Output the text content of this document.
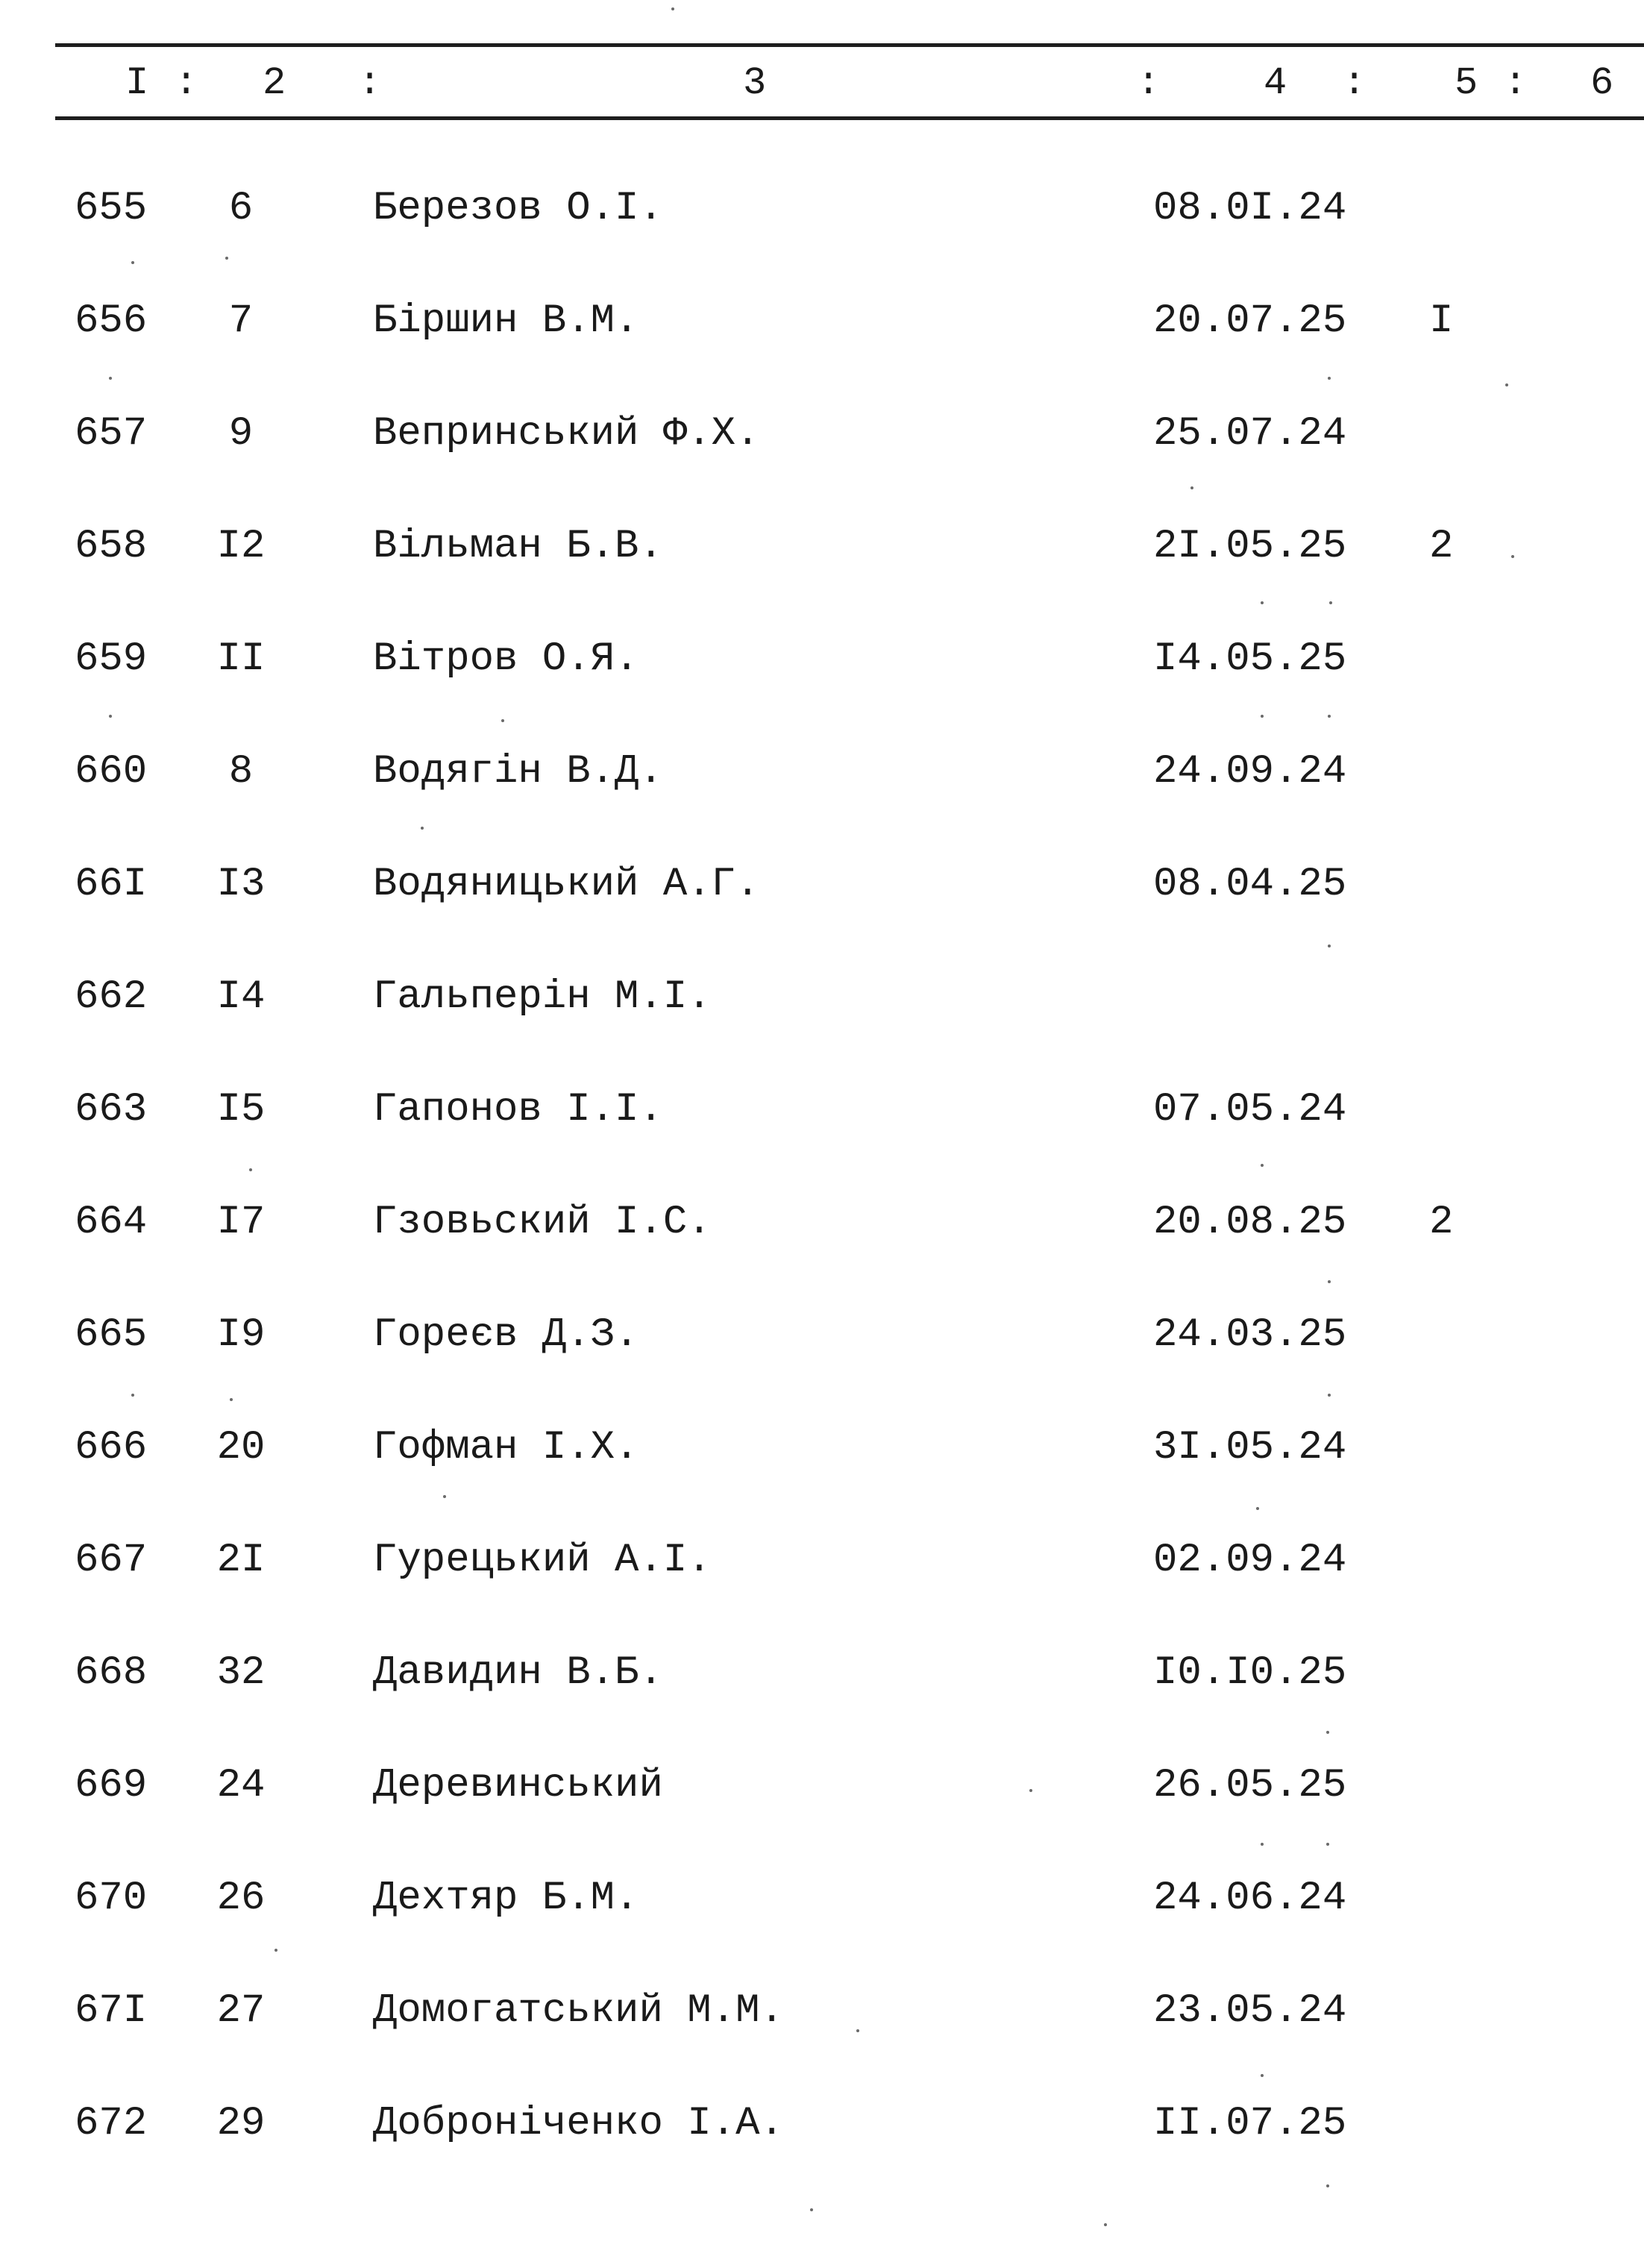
I : 2 :	3	:	4 : 5 : 6
655	6	Березов О.І.	08.0І.24
656	7	Біршин В.М.	20.07.25 І
657	9	Вепринський Ф.Х.	25.07.24
658 І2	Вільман Б.В.	2І.05.25 2
659 ІІ	Вітров О.Я.	І4.05.25
660	8	Водягін В.Д.	24.09.24
66І І3	Водяницький А.Г.	08.04.25
662 І4	Гальперін М.І.
663 І5	Гапонов І.І.	07.05.24
664 І7	Гзовьский І.С.	20.08.25 2
665 І9	Гореєв Д.З.	24.03.25
666 20	Гофман І.Х.	3І.05.24
667 2І	Гурецький А.І.	02.09.24
668 32	Давидин В.Б.	І0.І0.25
669 24	Деревинський	26.05.25
670 26	Дехтяр Б.М.	24.06.24
67І 27	Домогатський М.М.	23.05.24
672 29	Доброніченко І.А.	ІІ.07.25
